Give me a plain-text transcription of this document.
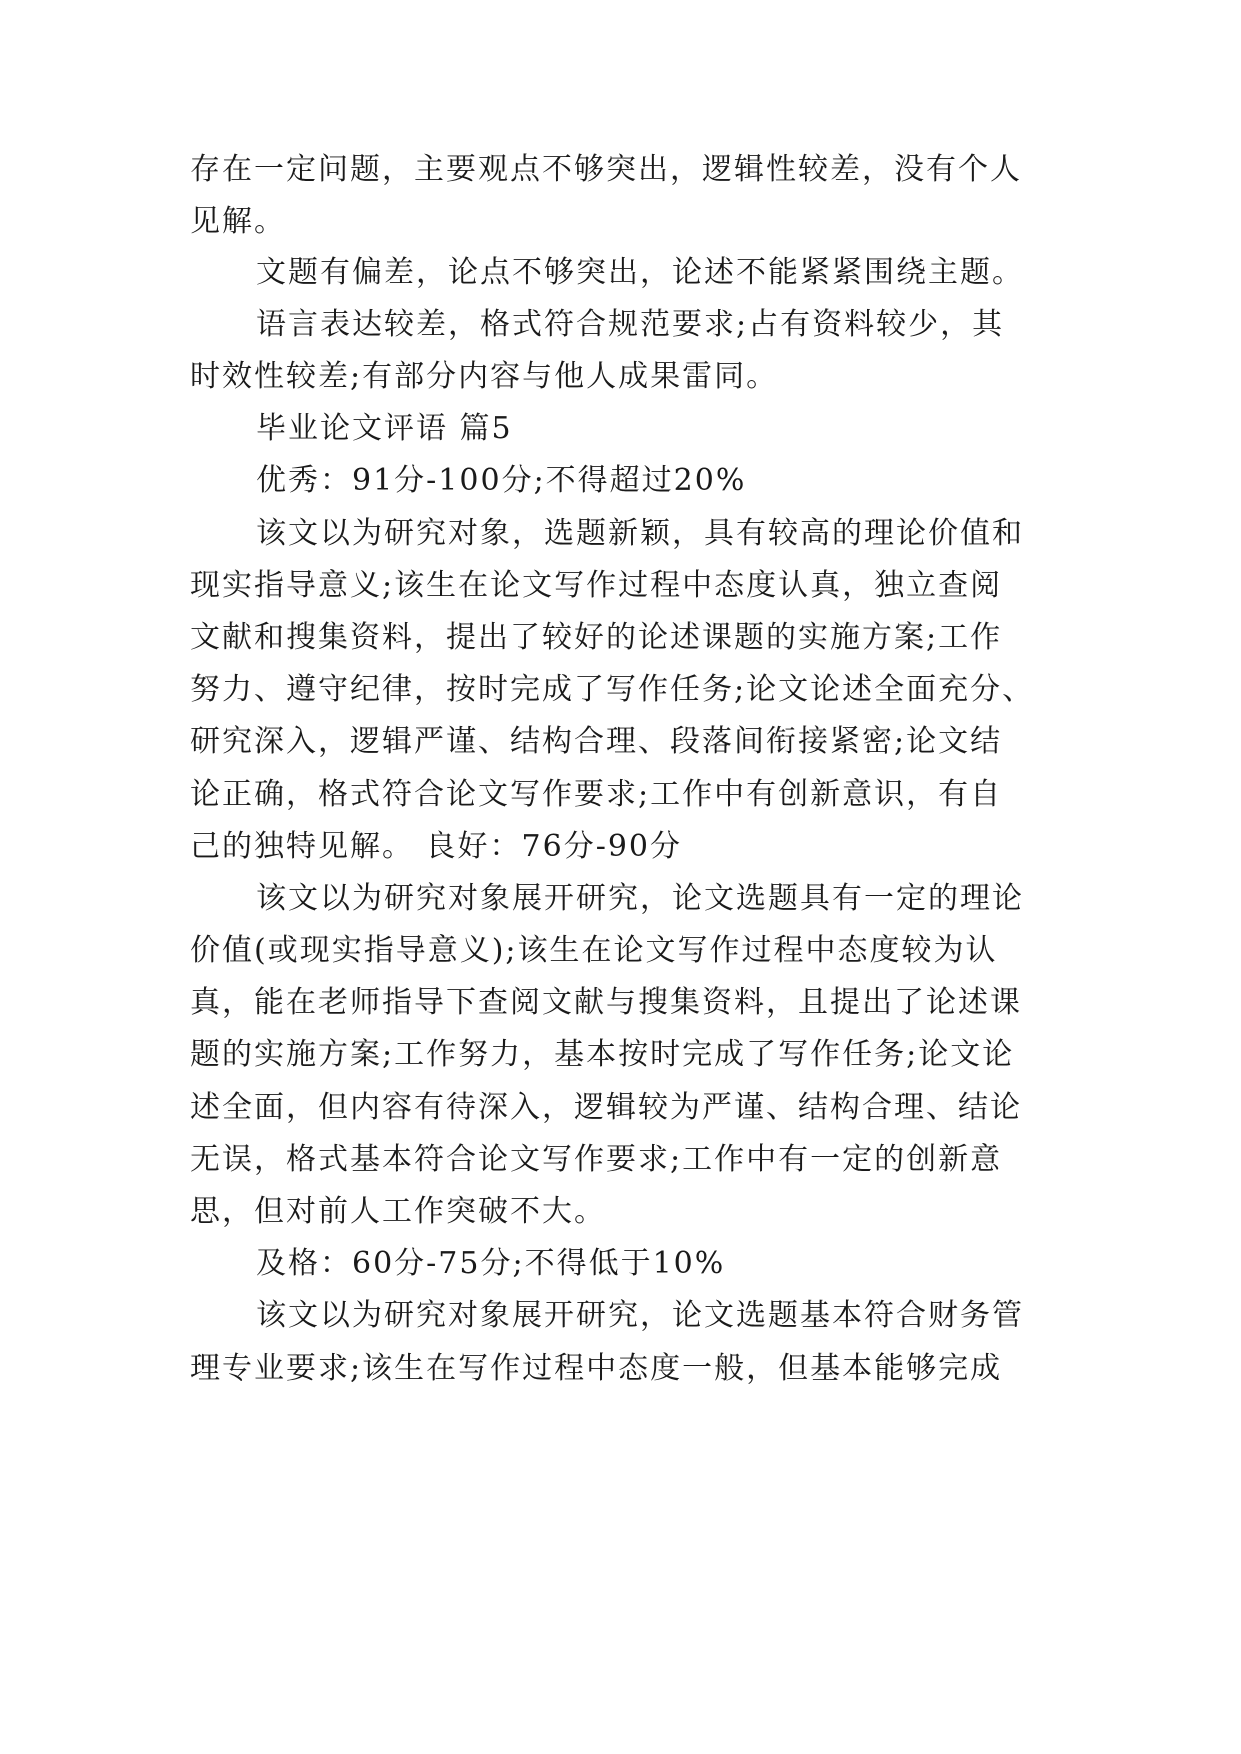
存在一定问题，主要观点不够突出，逻辑性较差，没有个人
见解。
文题有偏差，论点不够突出，论述不能紧紧围绕主题。
语言表达较差，格式符合规范要求;占有资料较少，其
时效性较差;有部分内容与他人成果雷同。
毕业论文评语 篇5
优秀：91分-100分;不得超过20%
该文以为研究对象，选题新颖，具有较高的理论价值和
现实指导意义;该生在论文写作过程中态度认真，独立查阅
文献和搜集资料，提出了较好的论述课题的实施方案;工作
努力、遵守纪律，按时完成了写作任务;论文论述全面充分、
研究深入，逻辑严谨、结构合理、段落间衔接紧密;论文结
论正确，格式符合论文写作要求;工作中有创新意识，有自
己的独特见解。 良好：76分-90分
该文以为研究对象展开研究，论文选题具有一定的理论
价值(或现实指导意义);该生在论文写作过程中态度较为认
真，能在老师指导下查阅文献与搜集资料，且提出了论述课
题的实施方案;工作努力，基本按时完成了写作任务;论文论
述全面，但内容有待深入，逻辑较为严谨、结构合理、结论
无误，格式基本符合论文写作要求;工作中有一定的创新意
思，但对前人工作突破不大。
及格：60分-75分;不得低于10%
该文以为研究对象展开研究，论文选题基本符合财务管
理专业要求;该生在写作过程中态度一般，但基本能够完成
